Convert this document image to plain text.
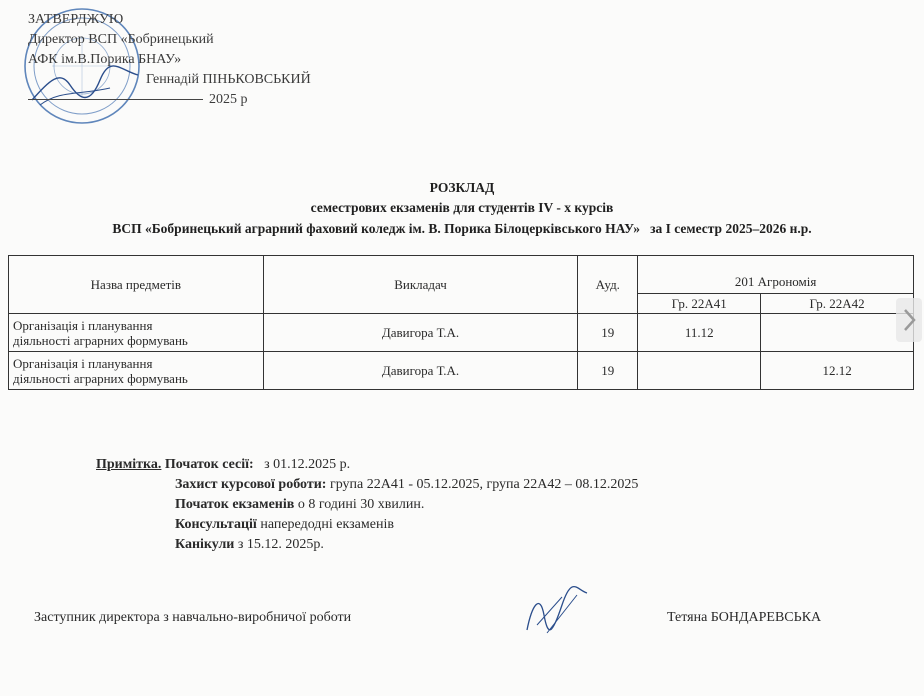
ЗАТВЕРДЖУЮ
Директор ВСП «Бобринецький
АФК ім.В.Порика БНАУ»
Геннадій ПІНЬКОВСЬКИЙ
2025 р
РОЗКЛАД
семестрових екзаменів для студентів IV - х курсів
ВСП «Бобринецький аграрний фаховий коледж ім. В. Порика Білоцерківського НАУ» за І семестр 2025–2026 н.р.
Назва предметів	Викладач	Ауд.	201 Агрономія	
			Гр. 22А41	Гр. 22А42

Організація і планування
діяльності аграрних формувань	Давигора Т.А.	19	11.12	

Організація і планування
діяльності аграрних формувань	Давигора Т.А.	19		12.12
Примітка. Початок сесії: з 01.12.2025 р.
Захист курсової роботи: група 22А41 - 05.12.2025, група 22А42 – 08.12.2025
Початок екзаменів о 8 годині 30 хвилин.
Консультації напередодні екзаменів
Канікули з 15.12. 2025р.
Заступник директора з навчально-виробничої роботи	Тетяна БОНДАРЕВСЬКА
